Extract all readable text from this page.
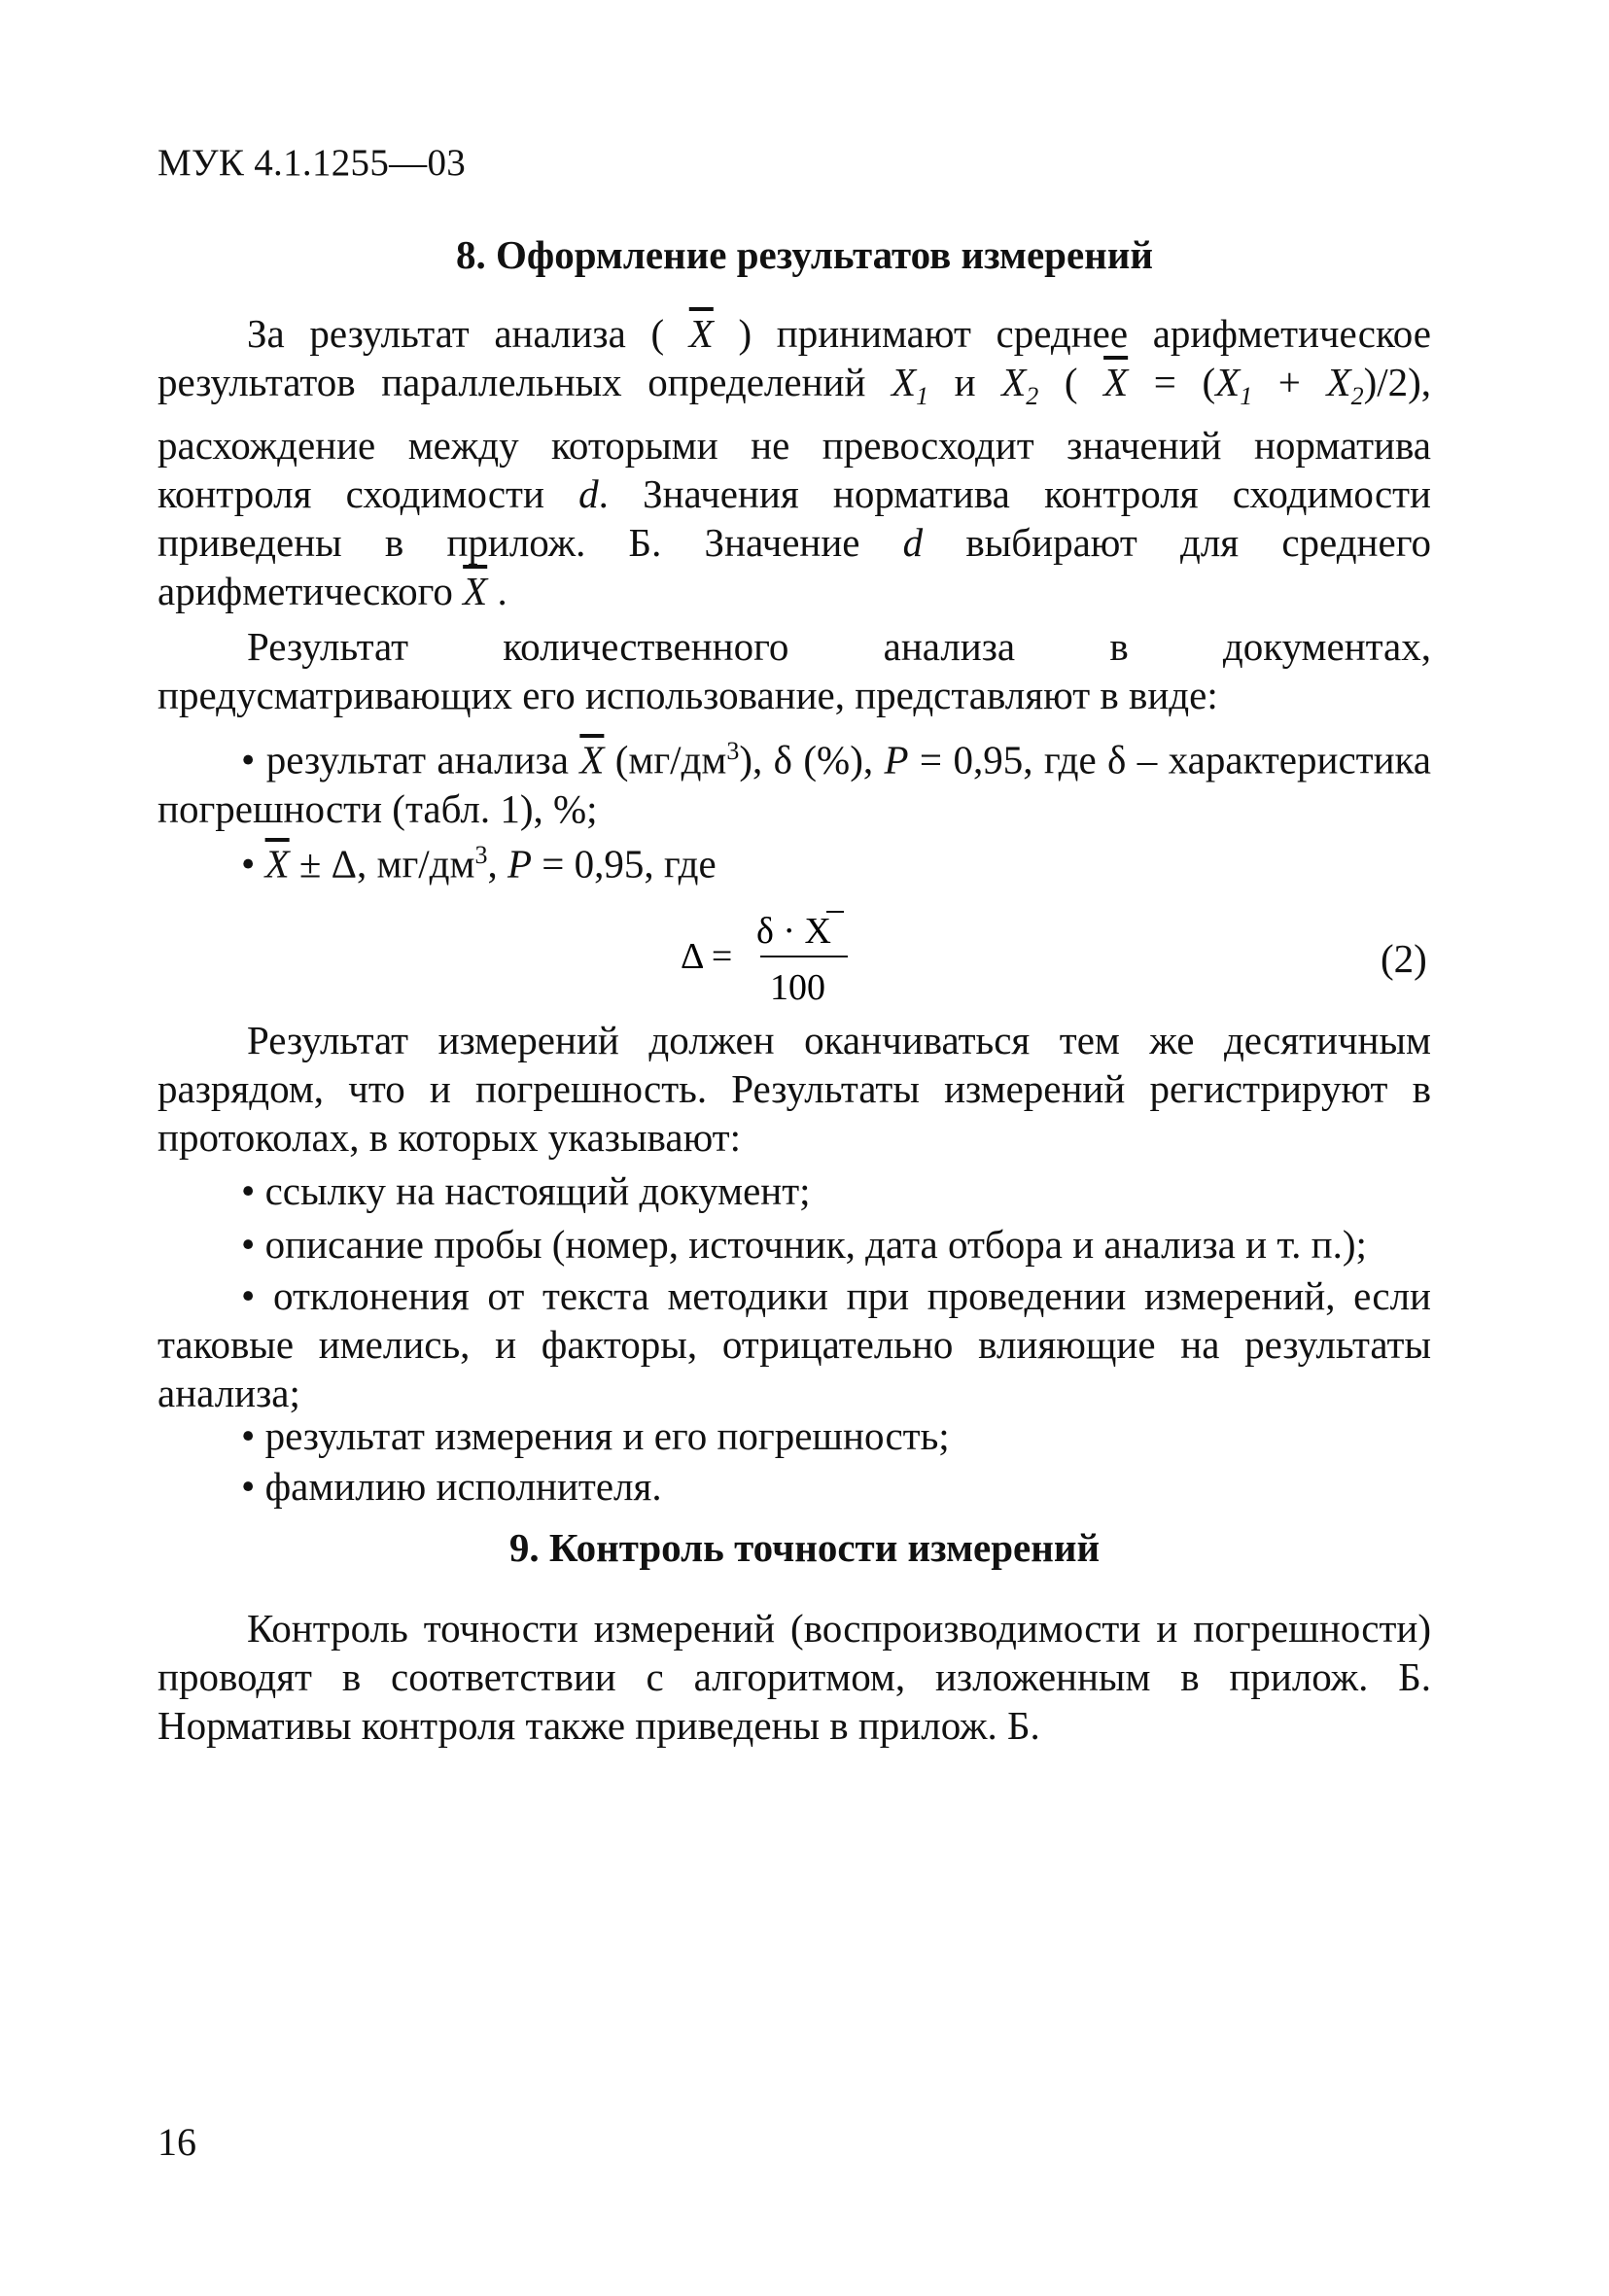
МУК 4.1.1255—03
8. Оформление результатов измерений
За результат анализа ( $\overline{X}$ ) принимают среднее арифметическое результатов параллельных определений $X_1$ и $X_2$ ( $\overline{X} = (X_1 + X_2)/2$), расхождение между которыми не превосходит значений норматива контроля сходимости d. Значения норматива контроля сходимости приведены в прилож. Б. Значение d выбирают для среднего арифметического $\overline{X}$ .
Результат количественного анализа в документах, предусматривающих его использование, представляют в виде:
• результат анализа $\overline{X}$ $(мг/дм^3)$, δ (%), P = 0,95, где δ – характеристика погрешности (табл. 1), %;
• $\overline{X} \pm \Delta$, $мг/дм^3$, P = 0,95, где
Δ =
δ · X
100
(2)
Результат измерений должен оканчиваться тем же десятичным разрядом, что и погрешность. Результаты измерений регистрируют в протоколах, в которых указывают:
• ссылку на настоящий документ;
• описание пробы (номер, источник, дата отбора и анализа и т. п.);
• отклонения от текста методики при проведении измерений, если таковые имелись, и факторы, отрицательно влияющие на результаты анализа;
• результат измерения и его погрешность;
• фамилию исполнителя.
9. Контроль точности измерений
Контроль точности измерений (воспроизводимости и погрешности) проводят в соответствии с алгоритмом, изложенным в прилож. Б. Нормативы контроля также приведены в прилож. Б.
16
